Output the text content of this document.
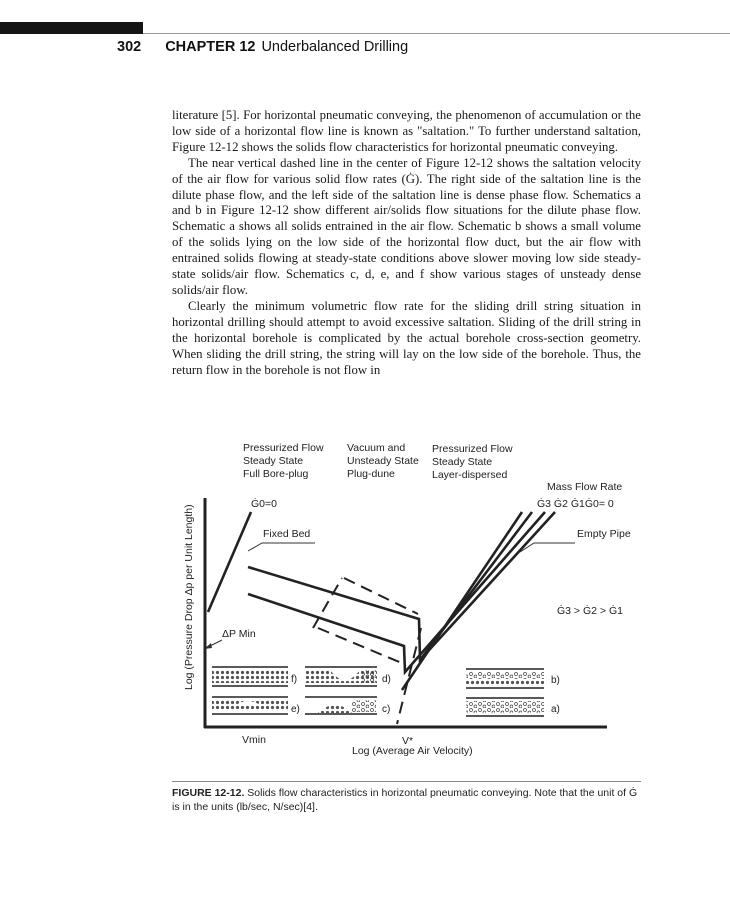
302 CHAPTER 12 Underbalanced Drilling

literature [5]. For horizontal pneumatic conveying, the phenomenon of accumulation or the low side of a horizontal flow line is known as "saltation." To further understand saltation, Figure 12-12 shows the solids flow characteristics for horizontal pneumatic conveying.

The near vertical dashed line in the center of Figure 12-12 shows the saltation velocity of the air flow for various solid flow rates (Ġ). The right side of the saltation line is the dilute phase flow, and the left side of the saltation line is dense phase flow. Schematics a and b in Figure 12-12 show different air/solids flow situations for the dilute phase flow. Schematic a shows all solids entrained in the air flow. Schematic b shows a small volume of the solids lying on the low side of the horizontal flow duct, but the air flow with entrained solids flowing at steady-state conditions above slower moving low side steady-state solids/air flow. Schematics c, d, e, and f show various stages of unsteady dense solids/air flow.

Clearly the minimum volumetric flow rate for the sliding drill string situation in horizontal drilling should attempt to avoid excessive saltation. Sliding of the drill string in the horizontal borehole is complicated by the actual borehole cross-section geometry. When sliding the drill string, the string will lay on the low side of the borehole. Thus, the return flow in the borehole is not flow in

Pressurized Flow
Steady State
Full Bore-plug
Vacuum and
Unsteady State
Plug-dune
Pressurized Flow
Steady State
Layer-dispersed
Mass Flow Rate
Ġ3 Ġ2 Ġ1Ġ0= 0
Ġ0=0
Fixed Bed	Empty Pipe
Ġ3 > Ġ2 > Ġ1
ΔP Min
Log (Pressure Drop Δp per Unit Length)
Log (Average Air Velocity)
Vmin	V*
f)
e)
d)
c)
b)
a)
FIGURE 12-12. Solids flow characteristics in horizontal pneumatic conveying. Note that the unit of Ġ is in the units (lb/sec, N/sec)[4].
